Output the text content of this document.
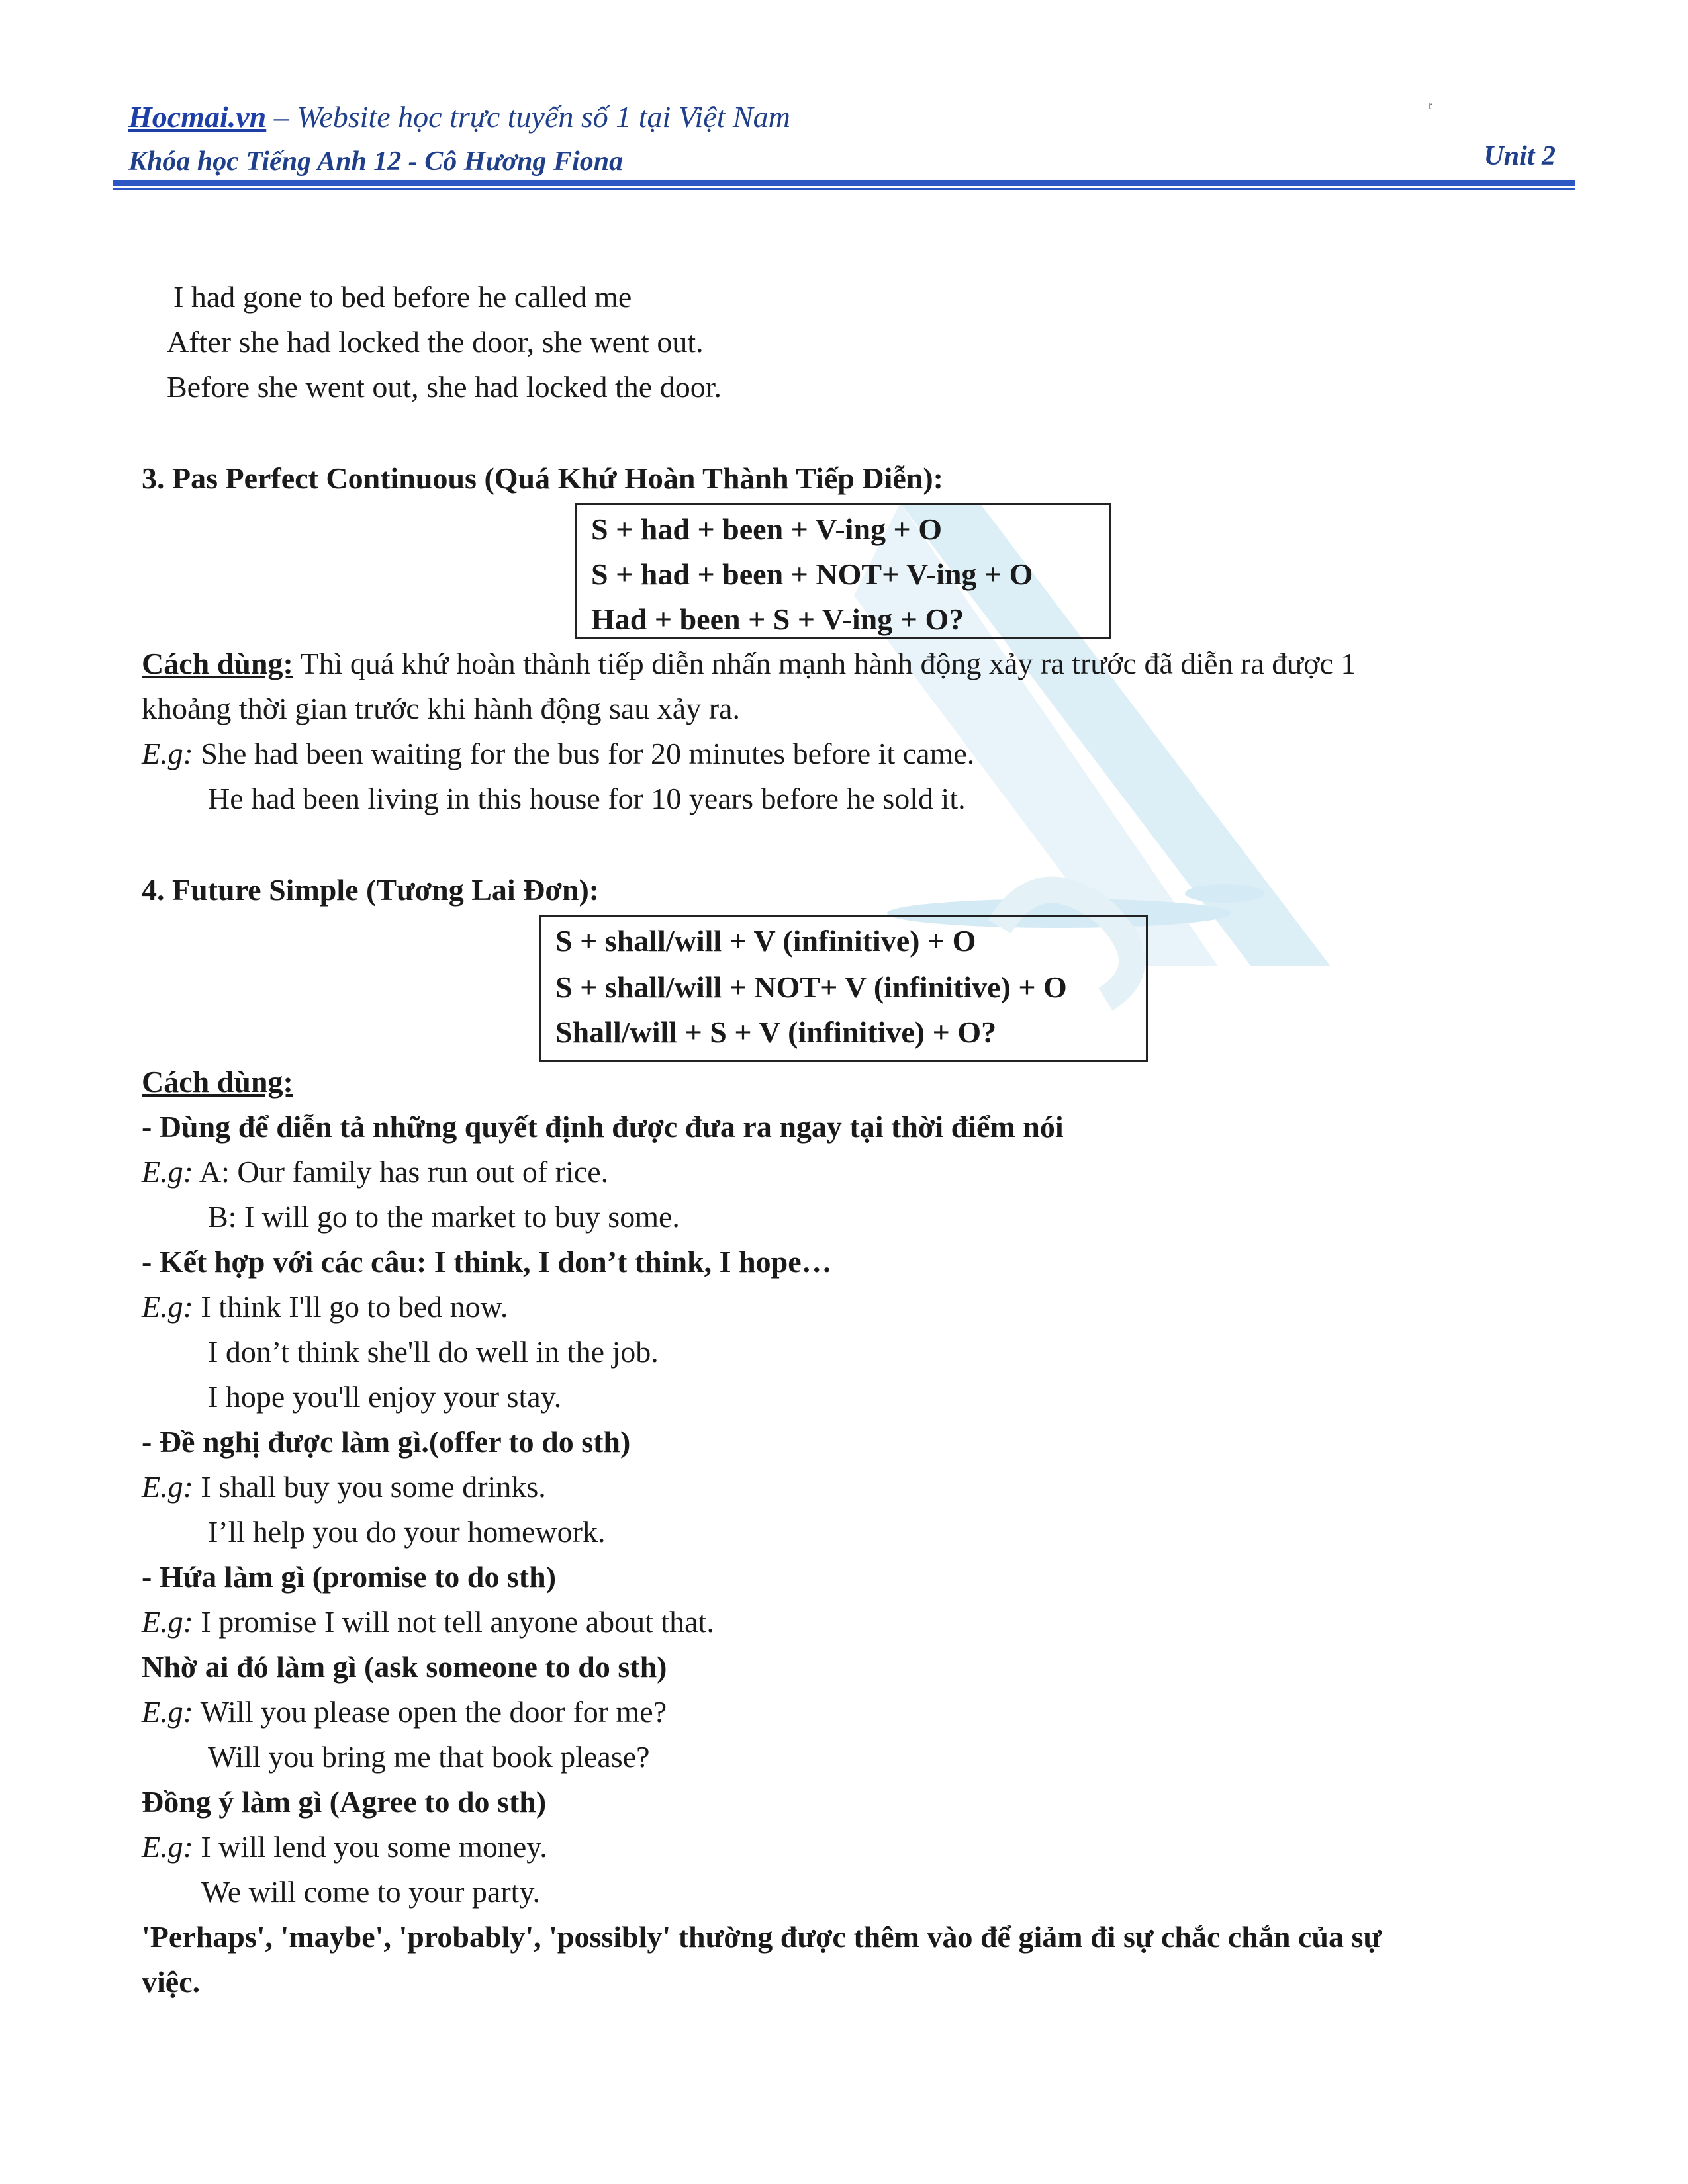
Hocmai.vn – Website học trực tuyến số 1 tại Việt Nam	ʳ
Khóa học Tiếng Anh 12 - Cô Hương Fiona	Unit 2
I had gone to bed before he called me
After she had locked the door, she went out.
Before she went out, she had locked the door.
3. Pas Perfect Continuous (Quá Khứ Hoàn Thành Tiếp Diễn):
S + had + been + V-ing + O
S + had + been + NOT+ V-ing + O
Had + been + S + V-ing + O?
Cách dùng: Thì quá khứ hoàn thành tiếp diễn nhấn mạnh hành động xảy ra trước đã diễn ra được 1
khoảng thời gian trước khi hành động sau xảy ra.
E.g: She had been waiting for the bus for 20 minutes before it came.
He had been living in this house for 10 years before he sold it.
4. Future Simple (Tương Lai Đơn):
S + shall/will + V (infinitive) + O
S + shall/will + NOT+ V (infinitive) + O
Shall/will + S + V (infinitive) + O?
Cách dùng:
- Dùng để diễn tả những quyết định được đưa ra ngay tại thời điểm nói
E.g: A: Our family has run out of rice.
B: I will go to the market to buy some.
- Kết hợp với các câu: I think, I don’t think, I hope…
E.g: I think I'll go to bed now.
I don’t think she'll do well in the job.
I hope you'll enjoy your stay.
- Đề nghị được làm gì.(offer to do sth)
E.g: I shall buy you some drinks.
I’ll help you do your homework.
- Hứa làm gì (promise to do sth)
E.g: I promise I will not tell anyone about that.
Nhờ ai đó làm gì (ask someone to do sth)
E.g: Will you please open the door for me?
Will you bring me that book please?
Đồng ý làm gì (Agree to do sth)
E.g: I will lend you some money.
We will come to your party.
'Perhaps', 'maybe', 'probably', 'possibly' thường được thêm vào để giảm đi sự chắc chắn của sự
việc.
